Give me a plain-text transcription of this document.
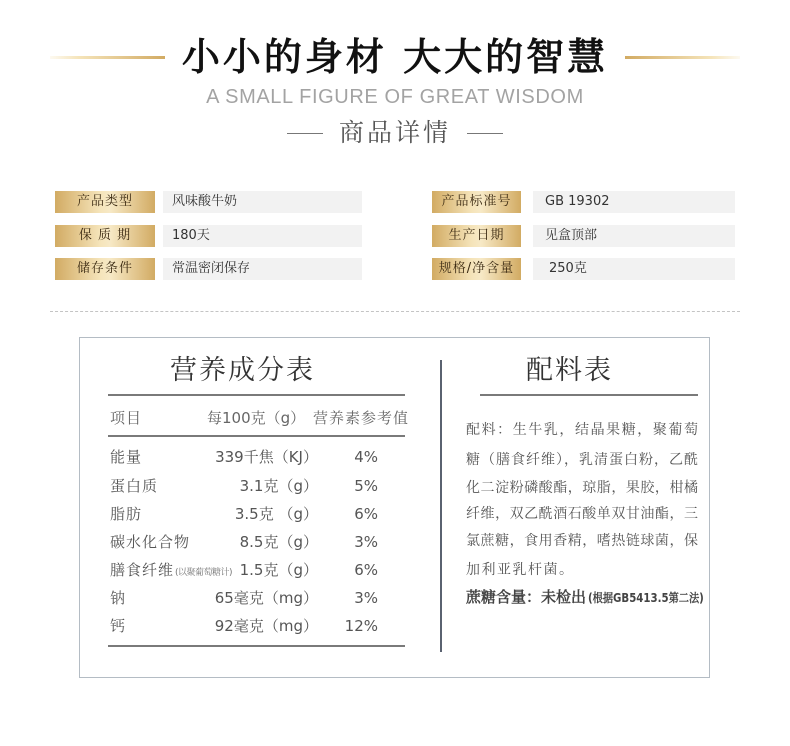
小小的身材 大大的智慧
A SMALL FIGURE OF GREAT WISDOM
商品详情
产品类型	风味酸牛奶	产品标准号	GB 19302
保 质 期	180天	生产日期	见盒顶部
储存条件	常温密闭保存	规格/净含量	250克
营养成分表
项目	每100克（g） 营养素参考值
能量	339千焦（KJ） 4%
蛋白质	3.1克（g） 5%
脂肪	3.5克 （g） 6%
碳水化合物	8.5克（g） 3%
膳食纤维(以聚葡萄糖计) 1.5克（g） 6%
钠	65毫克（mg） 3%
钙	92毫克（mg） 12%
配料表
配料：生牛乳，结晶果糖，聚葡萄
糖（膳食纤维），乳清蛋白粉，乙酰
化二淀粉磷酸酯，琼脂，果胶，柑橘
纤维，双乙酰酒石酸单双甘油酯，三
氯蔗糖，食用香精，嗜热链球菌，保
加利亚乳杆菌。
蔗糖含量：未检出 (根据GB5413.5第二法)
